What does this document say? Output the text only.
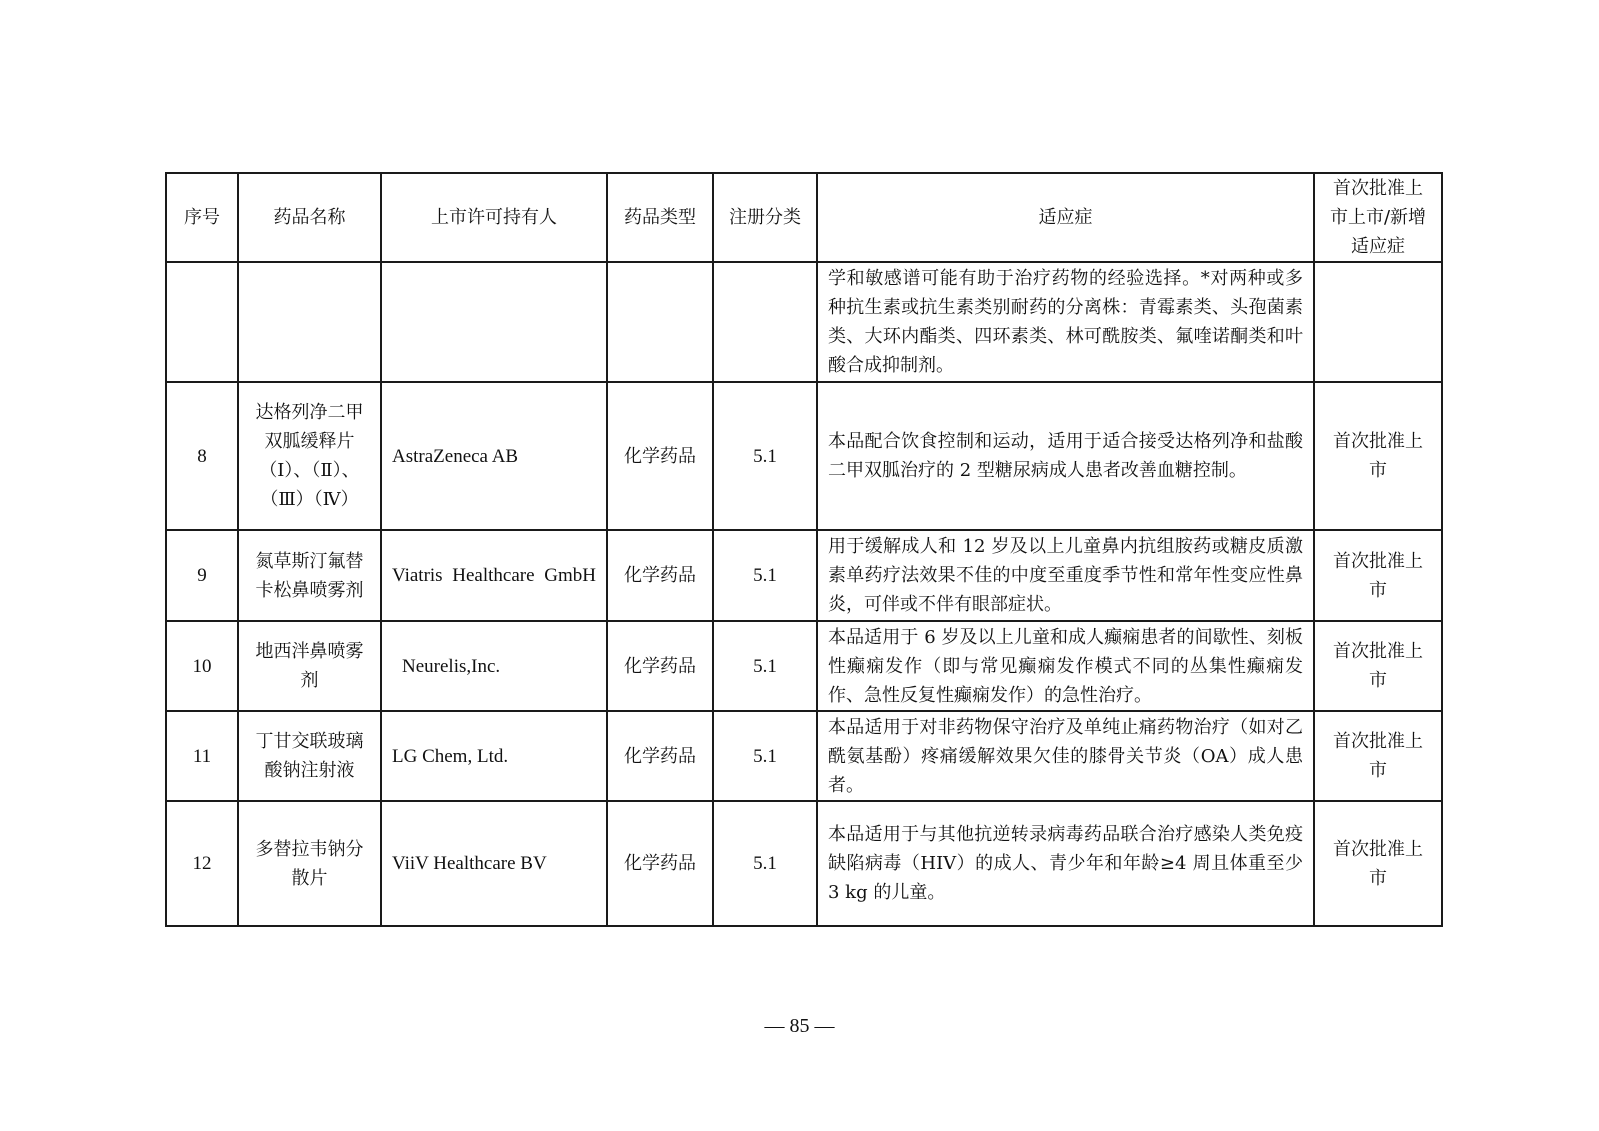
序号	药品名称	上市许可持有人	药品类型	注册分类	适应症	首次批准上市上市/新增适应症
					学和敏感谱可能有助于治疗药物的经验选择。*对两种或多种抗生素或抗生素类别耐药的分离株：青霉素类、头孢菌素类、大环内酯类、四环素类、林可酰胺类、氟喹诺酮类和叶酸合成抑制剂。	
8	达格列净二甲双胍缓释片（Ⅰ）、（Ⅱ）、（Ⅲ）（Ⅳ）	AstraZeneca AB	化学药品	5.1	本品配合饮食控制和运动，适用于适合接受达格列净和盐酸二甲双胍治疗的 2 型糖尿病成人患者改善血糖控制。	首次批准上市
9	氮草斯汀氟替卡松鼻喷雾剂	Viatris Healthcare GmbH	化学药品	5.1	用于缓解成人和 12 岁及以上儿童鼻内抗组胺药或糖皮质激素单药疗法效果不佳的中度至重度季节性和常年性变应性鼻炎，可伴或不伴有眼部症状。	首次批准上市
10	地西泮鼻喷雾剂	Neurelis,Inc.	化学药品	5.1	本品适用于 6 岁及以上儿童和成人癫痫患者的间歇性、刻板性癫痫发作（即与常见癫痫发作模式不同的丛集性癫痫发作、急性反复性癫痫发作）的急性治疗。	首次批准上市
11	丁甘交联玻璃酸钠注射液	LG Chem, Ltd.	化学药品	5.1	本品适用于对非药物保守治疗及单纯止痛药物治疗（如对乙酰氨基酚）疼痛缓解效果欠佳的膝骨关节炎（OA）成人患者。	首次批准上市
12	多替拉韦钠分散片	ViiV Healthcare BV	化学药品	5.1	本品适用于与其他抗逆转录病毒药品联合治疗感染人类免疫缺陷病毒（HIV）的成人、青少年和年龄≥4 周且体重至少 3 kg 的儿童。	首次批准上市
— 85 —
